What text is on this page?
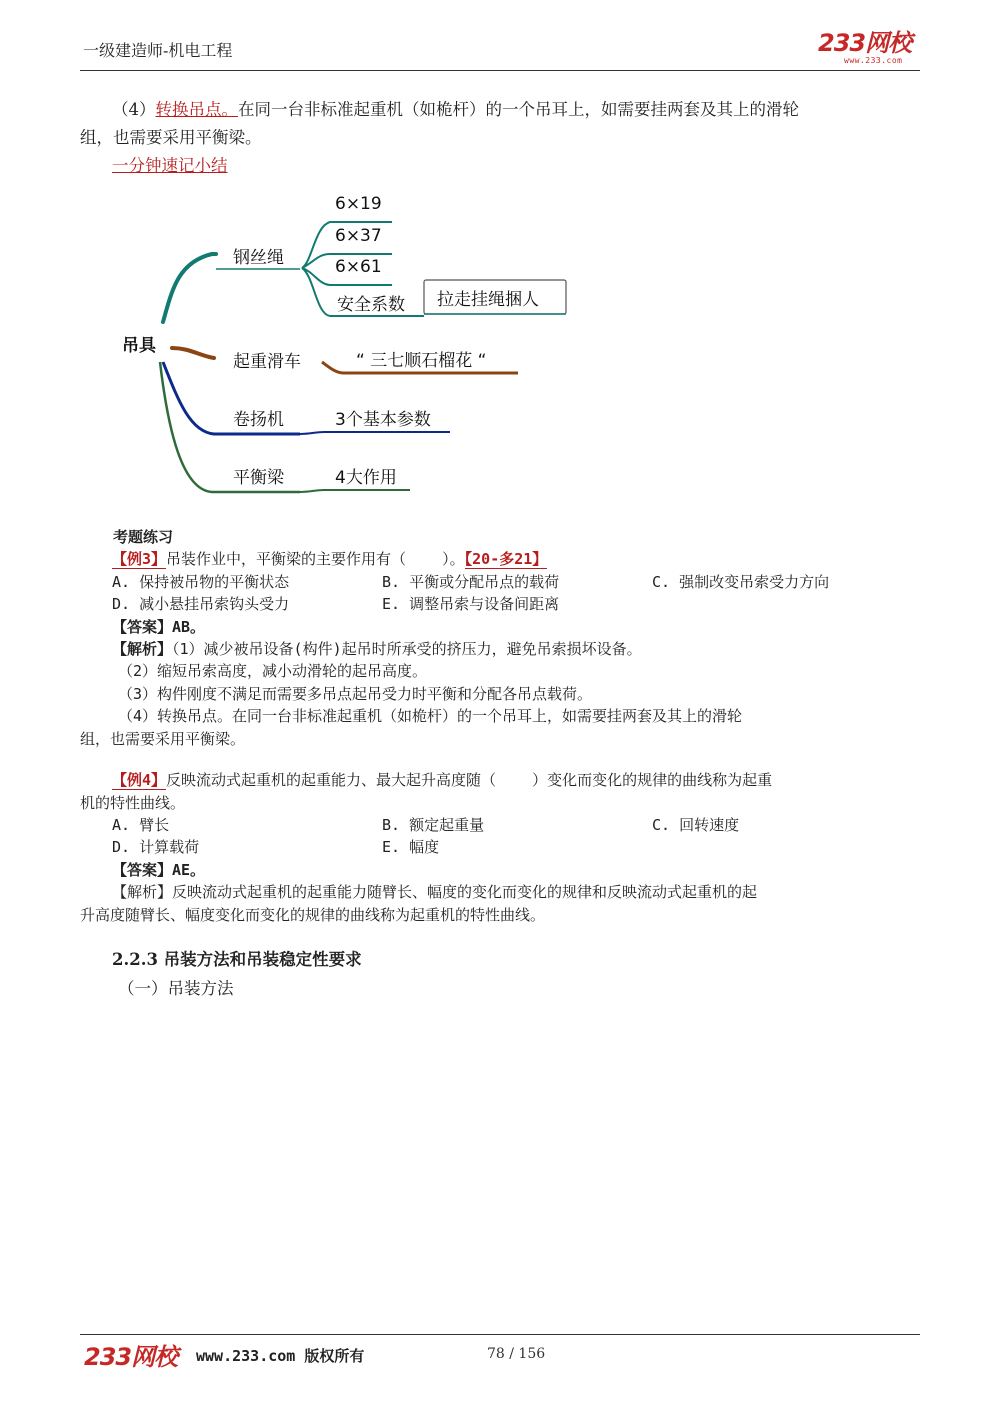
一级建造师-机电工程	233网校
www.233.com
（4）转换吊点。在同一台非标准起重机（如桅杆）的一个吊耳上，如需要挂两套及其上的滑轮
组，也需要采用平衡梁。
一分钟速记小结
吊具
钢丝绳
6×19
6×37
6×61
安全系数 拉走挂绳捆人
起重滑车	“ 三七顺石榴花 “
卷扬机	3个基本参数
平衡梁	4大作用
考题练习
【例3】吊装作业中，平衡梁的主要作用有（    ）。【20-多21】
A. 保持被吊物的平衡状态	B. 平衡或分配吊点的载荷	C. 强制改变吊索受力方向
D. 减小悬挂吊索钩头受力	E. 调整吊索与设备间距离
【答案】AB。
【解析】（1）减少被吊设备(构件)起吊时所承受的挤压力，避免吊索损坏设备。
（2）缩短吊索高度，减小动滑轮的起吊高度。
（3）构件刚度不满足而需要多吊点起吊受力时平衡和分配各吊点载荷。
（4）转换吊点。在同一台非标准起重机（如桅杆）的一个吊耳上，如需要挂两套及其上的滑轮
组，也需要采用平衡梁。
【例4】反映流动式起重机的起重能力、最大起升高度随（    ）变化而变化的规律的曲线称为起重
机的特性曲线。
A. 臂长	B. 额定起重量	C. 回转速度
D. 计算载荷	E. 幅度
【答案】AE。
【解析】反映流动式起重机的起重能力随臂长、幅度的变化而变化的规律和反映流动式起重机的起
升高度随臂长、幅度变化而变化的规律的曲线称为起重机的特性曲线。
2.2.3 吊装方法和吊装稳定性要求
（一）吊装方法
233网校 www.233.com 版权所有	78 / 156
